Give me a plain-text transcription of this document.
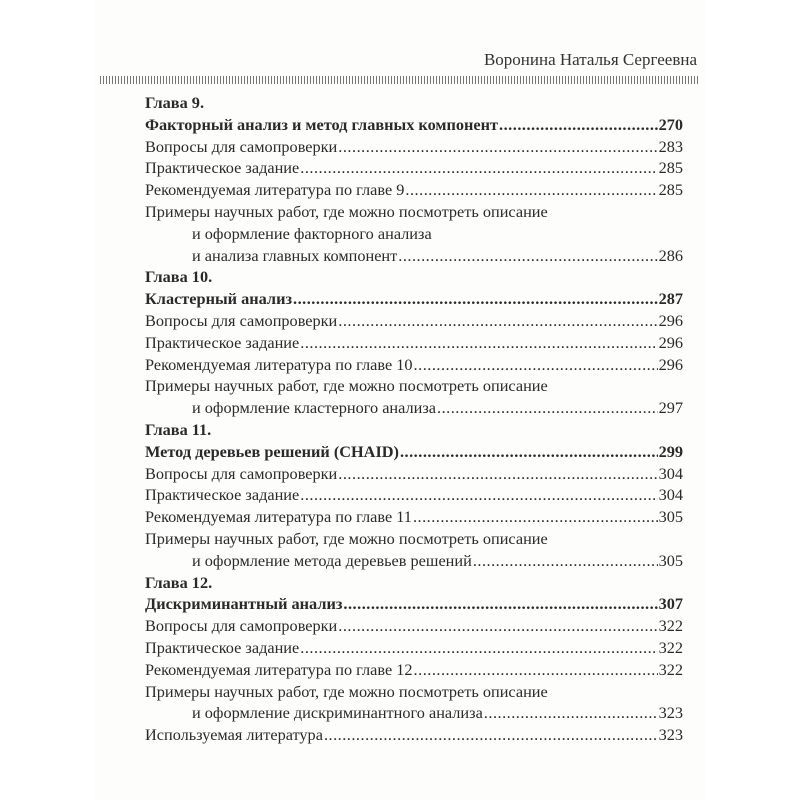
Воронина Наталья Сергеевна
Глава 9.
Факторный анализ и метод главных компонент .....	270
Вопросы для самопроверки .....	283
Практическое задание .....	285
Рекомендуемая литература по главе 9 .....	285
Примеры научных работ, где можно посмотреть описание
и оформление факторного анализа
и анализа главных компонент .....	286
Глава 10.
Кластерный анализ .....	287
Вопросы для самопроверки .....	296
Практическое задание .....	296
Рекомендуемая литература по главе 10 .....	296
Примеры научных работ, где можно посмотреть описание
и оформление кластерного анализа .....	297
Глава 11.
Метод деревьев решений (CHAID) .....	299
Вопросы для самопроверки .....	304
Практическое задание .....	304
Рекомендуемая литература по главе 11 .....	305
Примеры научных работ, где можно посмотреть описание
и оформление метода деревьев решений .....	305
Глава 12.
Дискриминантный анализ .....	307
Вопросы для самопроверки .....	322
Практическое задание .....	322
Рекомендуемая литература по главе 12 .....	322
Примеры научных работ, где можно посмотреть описание
и оформление дискриминантного анализа .....	323
Используемая литература .....	323
